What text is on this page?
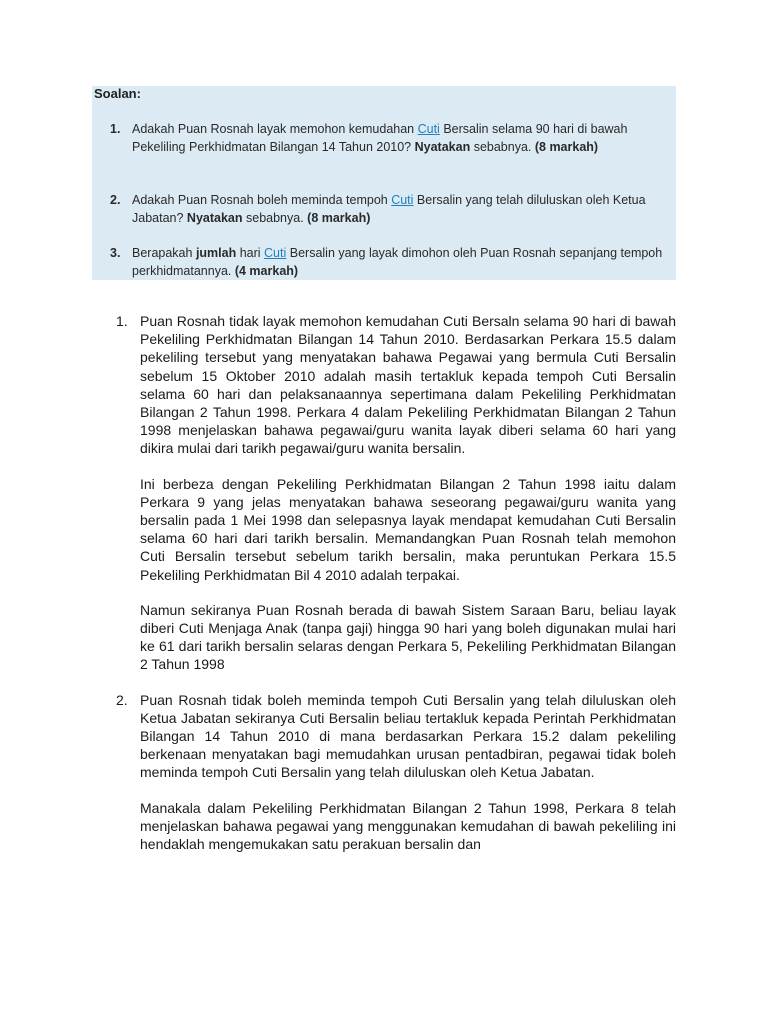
Soalan:
1. Adakah Puan Rosnah layak memohon kemudahan Cuti Bersalin selama 90 hari di bawah Pekeliling Perkhidmatan Bilangan 14 Tahun 2010? Nyatakan sebabnya. (8 markah)
2. Adakah Puan Rosnah boleh meminda tempoh Cuti Bersalin yang telah diluluskan oleh Ketua Jabatan? Nyatakan sebabnya. (8 markah)
3. Berapakah jumlah hari Cuti Bersalin yang layak dimohon oleh Puan Rosnah sepanjang tempoh perkhidmatannya. (4 markah)
1. Puan Rosnah tidak layak memohon kemudahan Cuti Bersaln selama 90 hari di bawah Pekeliling Perkhidmatan Bilangan 14 Tahun 2010. Berdasarkan Perkara 15.5 dalam pekeliling tersebut yang menyatakan bahawa Pegawai yang bermula Cuti Bersalin sebelum 15 Oktober 2010 adalah masih tertakluk kepada tempoh Cuti Bersalin selama 60 hari dan pelaksanaannya sepertimana dalam Pekeliling Perkhidmatan Bilangan 2 Tahun 1998. Perkara 4 dalam Pekeliling Perkhidmatan Bilangan 2 Tahun 1998 menjelaskan bahawa pegawai/guru wanita layak diberi selama 60 hari yang dikira mulai dari tarikh pegawai/guru wanita bersalin.

Ini berbeza dengan Pekeliling Perkhidmatan Bilangan 2 Tahun 1998 iaitu dalam Perkara 9 yang jelas menyatakan bahawa seseorang pegawai/guru wanita yang bersalin pada 1 Mei 1998 dan selepasnya layak mendapat kemudahan Cuti Bersalin selama 60 hari dari tarikh bersalin. Memandangkan Puan Rosnah telah memohon Cuti Bersalin tersebut sebelum tarikh bersalin, maka peruntukan Perkara 15.5 Pekeliling Perkhidmatan Bil 4 2010 adalah terpakai.

Namun sekiranya Puan Rosnah berada di bawah Sistem Saraan Baru, beliau layak diberi Cuti Menjaga Anak (tanpa gaji) hingga 90 hari yang boleh digunakan mulai hari ke 61 dari tarikh bersalin selaras dengan Perkara 5, Pekeliling Perkhidmatan Bilangan 2 Tahun 1998

2. Puan Rosnah tidak boleh meminda tempoh Cuti Bersalin yang telah diluluskan oleh Ketua Jabatan sekiranya Cuti Bersalin beliau tertakluk kepada Perintah Perkhidmatan Bilangan 14 Tahun 2010 di mana berdasarkan Perkara 15.2 dalam pekeliling berkenaan menyatakan bagi memudahkan urusan pentadbiran, pegawai tidak boleh meminda tempoh Cuti Bersalin yang telah diluluskan oleh Ketua Jabatan.

Manakala dalam Pekeliling Perkhidmatan Bilangan 2 Tahun 1998, Perkara 8 telah menjelaskan bahawa pegawai yang menggunakan kemudahan di bawah pekeliling ini hendaklah mengemukakan satu perakuan bersalin dan
